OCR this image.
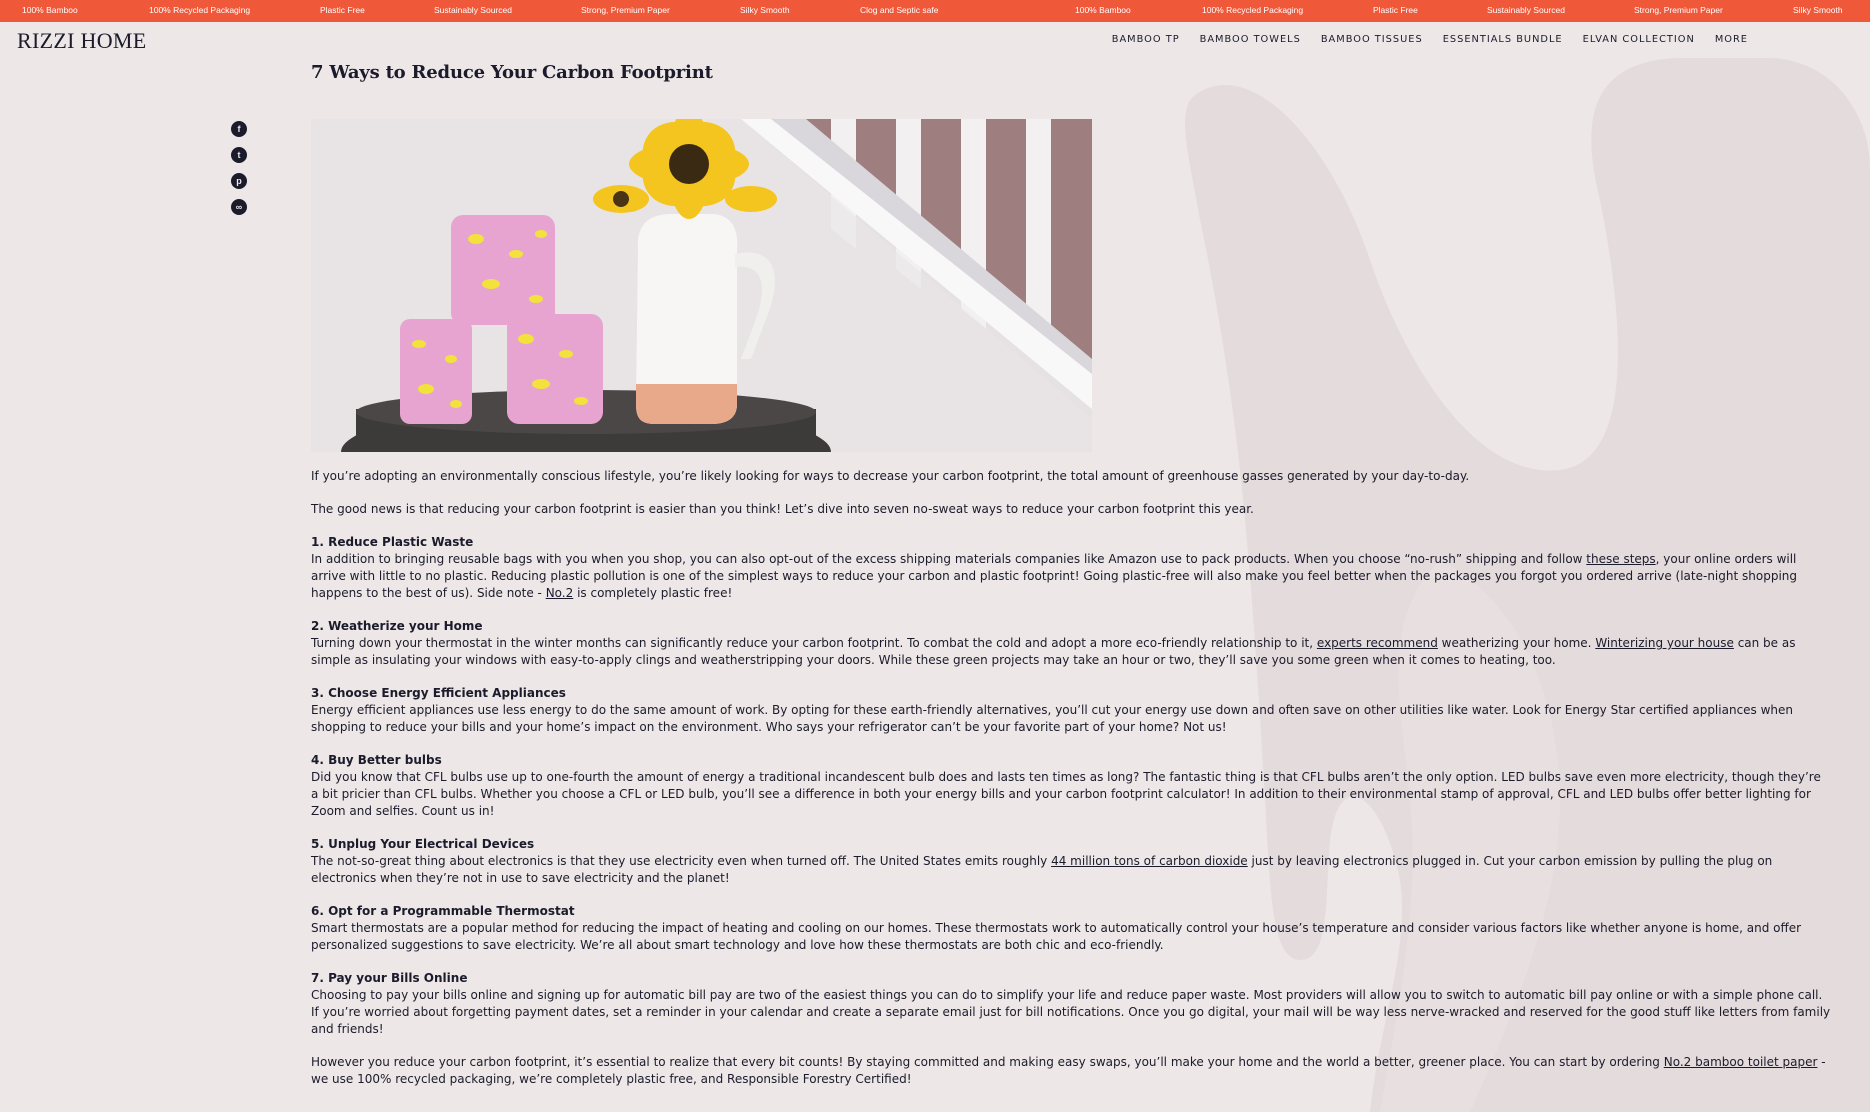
100% Bamboo	100% Recycled Packaging	Plastic Free	Sustainably Sourced	Strong, Premium Paper	Silky Smooth	Clog and Septic safe	100% Bamboo	100% Recycled Packaging	Plastic Free	Sustainably Sourced	Strong, Premium Paper	Silky Smooth
RIZZI HOME	BAMBOO TP BAMBOO TOWELS BAMBOO TISSUES ESSENTIALS BUNDLE ELVAN COLLECTION MORE
f
t
p
∞
7 Ways to Reduce Your Carbon Footprint

If you’re adopting an environmentally conscious lifestyle, you’re likely looking for ways to decrease your carbon footprint, the total amount of greenhouse gasses generated by your day-to-day.

The good news is that reducing your carbon footprint is easier than you think! Let’s dive into seven no-sweat ways to reduce your carbon footprint this year.

1. Reduce Plastic Waste

In addition to bringing reusable bags with you when you shop, you can also opt-out of the excess shipping materials companies like Amazon use to pack products. When you choose “no-rush” shipping and follow these steps, your online orders will arrive with little to no plastic. Reducing plastic pollution is one of the simplest ways to reduce your carbon and plastic footprint! Going plastic-free will also make you feel better when the packages you forgot you ordered arrive (late-night shopping happens to the best of us). Side note - No.2 is completely plastic free!

2. Weatherize your Home

Turning down your thermostat in the winter months can significantly reduce your carbon footprint. To combat the cold and adopt a more eco-friendly relationship to it, experts recommend weatherizing your home. Winterizing your house can be as simple as insulating your windows with easy-to-apply clings and weatherstripping your doors. While these green projects may take an hour or two, they’ll save you some green when it comes to heating, too.

3. Choose Energy Efficient Appliances

Energy efficient appliances use less energy to do the same amount of work. By opting for these earth-friendly alternatives, you’ll cut your energy use down and often save on other utilities like water. Look for Energy Star certified appliances when shopping to reduce your bills and your home’s impact on the environment. Who says your refrigerator can’t be your favorite part of your home? Not us!

4. Buy Better bulbs

Did you know that CFL bulbs use up to one-fourth the amount of energy a traditional incandescent bulb does and lasts ten times as long? The fantastic thing is that CFL bulbs aren’t the only option. LED bulbs save even more electricity, though they’re a bit pricier than CFL bulbs. Whether you choose a CFL or LED bulb, you’ll see a difference in both your energy bills and your carbon footprint calculator! In addition to their environmental stamp of approval, CFL and LED bulbs offer better lighting for Zoom and selfies. Count us in!

5. Unplug Your Electrical Devices

The not-so-great thing about electronics is that they use electricity even when turned off. The United States emits roughly 44 million tons of carbon dioxide just by leaving electronics plugged in. Cut your carbon emission by pulling the plug on electronics when they’re not in use to save electricity and the planet!

6. Opt for a Programmable Thermostat

Smart thermostats are a popular method for reducing the impact of heating and cooling on our homes. These thermostats work to automatically control your house’s temperature and consider various factors like whether anyone is home, and offer personalized suggestions to save electricity. We’re all about smart technology and love how these thermostats are both chic and eco-friendly.

7. Pay your Bills Online

Choosing to pay your bills online and signing up for automatic bill pay are two of the easiest things you can do to simplify your life and reduce paper waste. Most providers will allow you to switch to automatic bill pay online or with a simple phone call. If you’re worried about forgetting payment dates, set a reminder in your calendar and create a separate email just for bill notifications. Once you go digital, your mail will be way less nerve-wracked and reserved for the good stuff like letters from family and friends!

However you reduce your carbon footprint, it’s essential to realize that every bit counts! By staying committed and making easy swaps, you’ll make your home and the world a better, greener place. You can start by ordering No.2 bamboo toilet paper - we use 100% recycled packaging, we’re completely plastic free, and Responsible Forestry Certified!
